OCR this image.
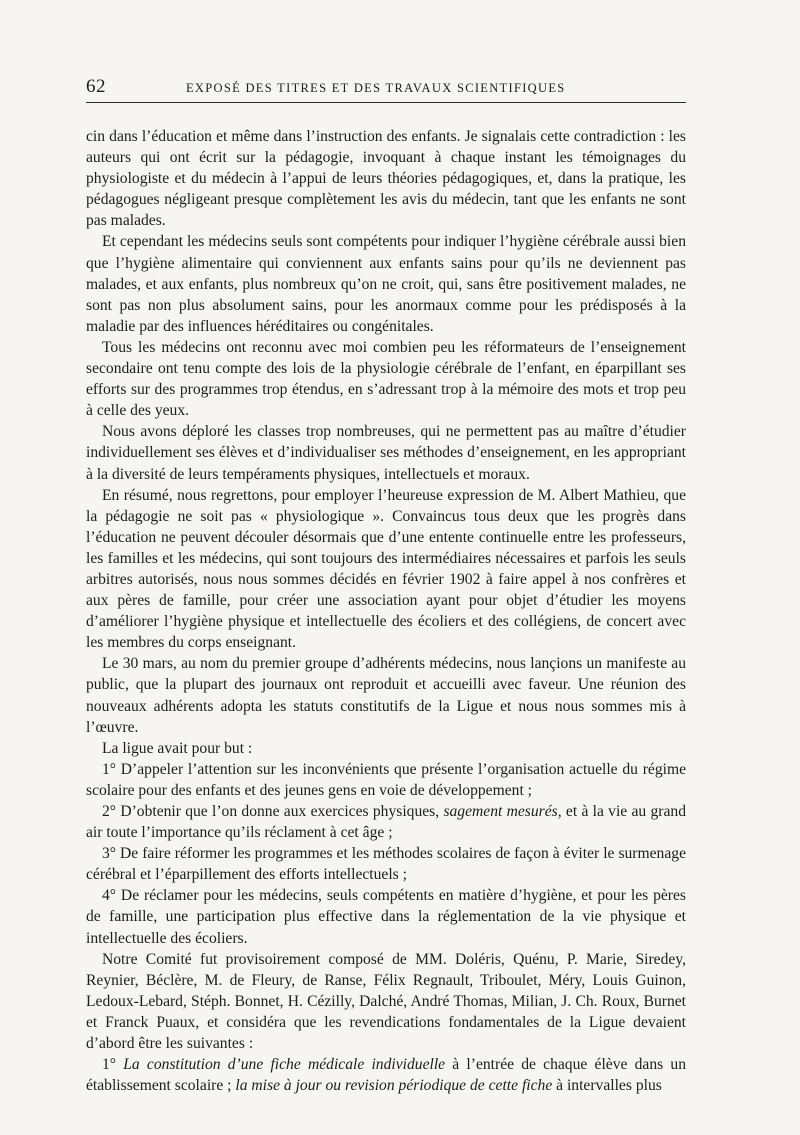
62	EXPOSÉ DES TITRES ET DES TRAVAUX SCIENTIFIQUES

cin dans l’éducation et même dans l’instruction des enfants. Je signalais cette contradiction : les auteurs qui ont écrit sur la pédagogie, invoquant à chaque instant les témoignages du physiologiste et du médecin à l’appui de leurs théories pédagogiques, et, dans la pratique, les pédagogues négligeant presque complètement les avis du médecin, tant que les enfants ne sont pas malades.

Et cependant les médecins seuls sont compétents pour indiquer l’hygiène cérébrale aussi bien que l’hygiène alimentaire qui conviennent aux enfants sains pour qu’ils ne deviennent pas malades, et aux enfants, plus nombreux qu’on ne croit, qui, sans être positivement malades, ne sont pas non plus absolument sains, pour les anormaux comme pour les prédisposés à la maladie par des influences héréditaires ou congénitales.

Tous les médecins ont reconnu avec moi combien peu les réformateurs de l’enseignement secondaire ont tenu compte des lois de la physiologie cérébrale de l’enfant, en éparpillant ses efforts sur des programmes trop étendus, en s’adressant trop à la mémoire des mots et trop peu à celle des yeux.

Nous avons déploré les classes trop nombreuses, qui ne permettent pas au maître d’étudier individuellement ses élèves et d’individualiser ses méthodes d’enseignement, en les appropriant à la diversité de leurs tempéraments physiques, intellectuels et moraux.

En résumé, nous regrettons, pour employer l’heureuse expression de M. Albert Mathieu, que la pédagogie ne soit pas « physiologique ». Convaincus tous deux que les progrès dans l’éducation ne peuvent découler désormais que d’une entente continuelle entre les professeurs, les familles et les médecins, qui sont toujours des intermédiaires nécessaires et parfois les seuls arbitres autorisés, nous nous sommes décidés en février 1902 à faire appel à nos confrères et aux pères de famille, pour créer une association ayant pour objet d’étudier les moyens d’améliorer l’hygiène physique et intellectuelle des écoliers et des collégiens, de concert avec les membres du corps enseignant.

Le 30 mars, au nom du premier groupe d’adhérents médecins, nous lançions un manifeste au public, que la plupart des journaux ont reproduit et accueilli avec faveur. Une réunion des nouveaux adhérents adopta les statuts constitutifs de la Ligue et nous nous sommes mis à l’œuvre.

La ligue avait pour but :

1° D’appeler l’attention sur les inconvénients que présente l’organisation actuelle du régime scolaire pour des enfants et des jeunes gens en voie de développement ;

2° D’obtenir que l’on donne aux exercices physiques, sagement mesurés, et à la vie au grand air toute l’importance qu’ils réclament à cet âge ;

3° De faire réformer les programmes et les méthodes scolaires de façon à éviter le surmenage cérébral et l’éparpillement des efforts intellectuels ;

4° De réclamer pour les médecins, seuls compétents en matière d’hygiène, et pour les pères de famille, une participation plus effective dans la réglementation de la vie physique et intellectuelle des écoliers.

Notre Comité fut provisoirement composé de MM. Doléris, Quénu, P. Marie, Siredey, Reynier, Béclère, M. de Fleury, de Ranse, Félix Regnault, Triboulet, Méry, Louis Guinon, Ledoux-Lebard, Stéph. Bonnet, H. Cézilly, Dalché, André Thomas, Milian, J. Ch. Roux, Burnet et Franck Puaux, et considéra que les revendications fondamentales de la Ligue devaient d’abord être les suivantes :

1° La constitution d’une fiche médicale individuelle à l’entrée de chaque élève dans un établissement scolaire ; la mise à jour ou revision périodique de cette fiche à intervalles plus
